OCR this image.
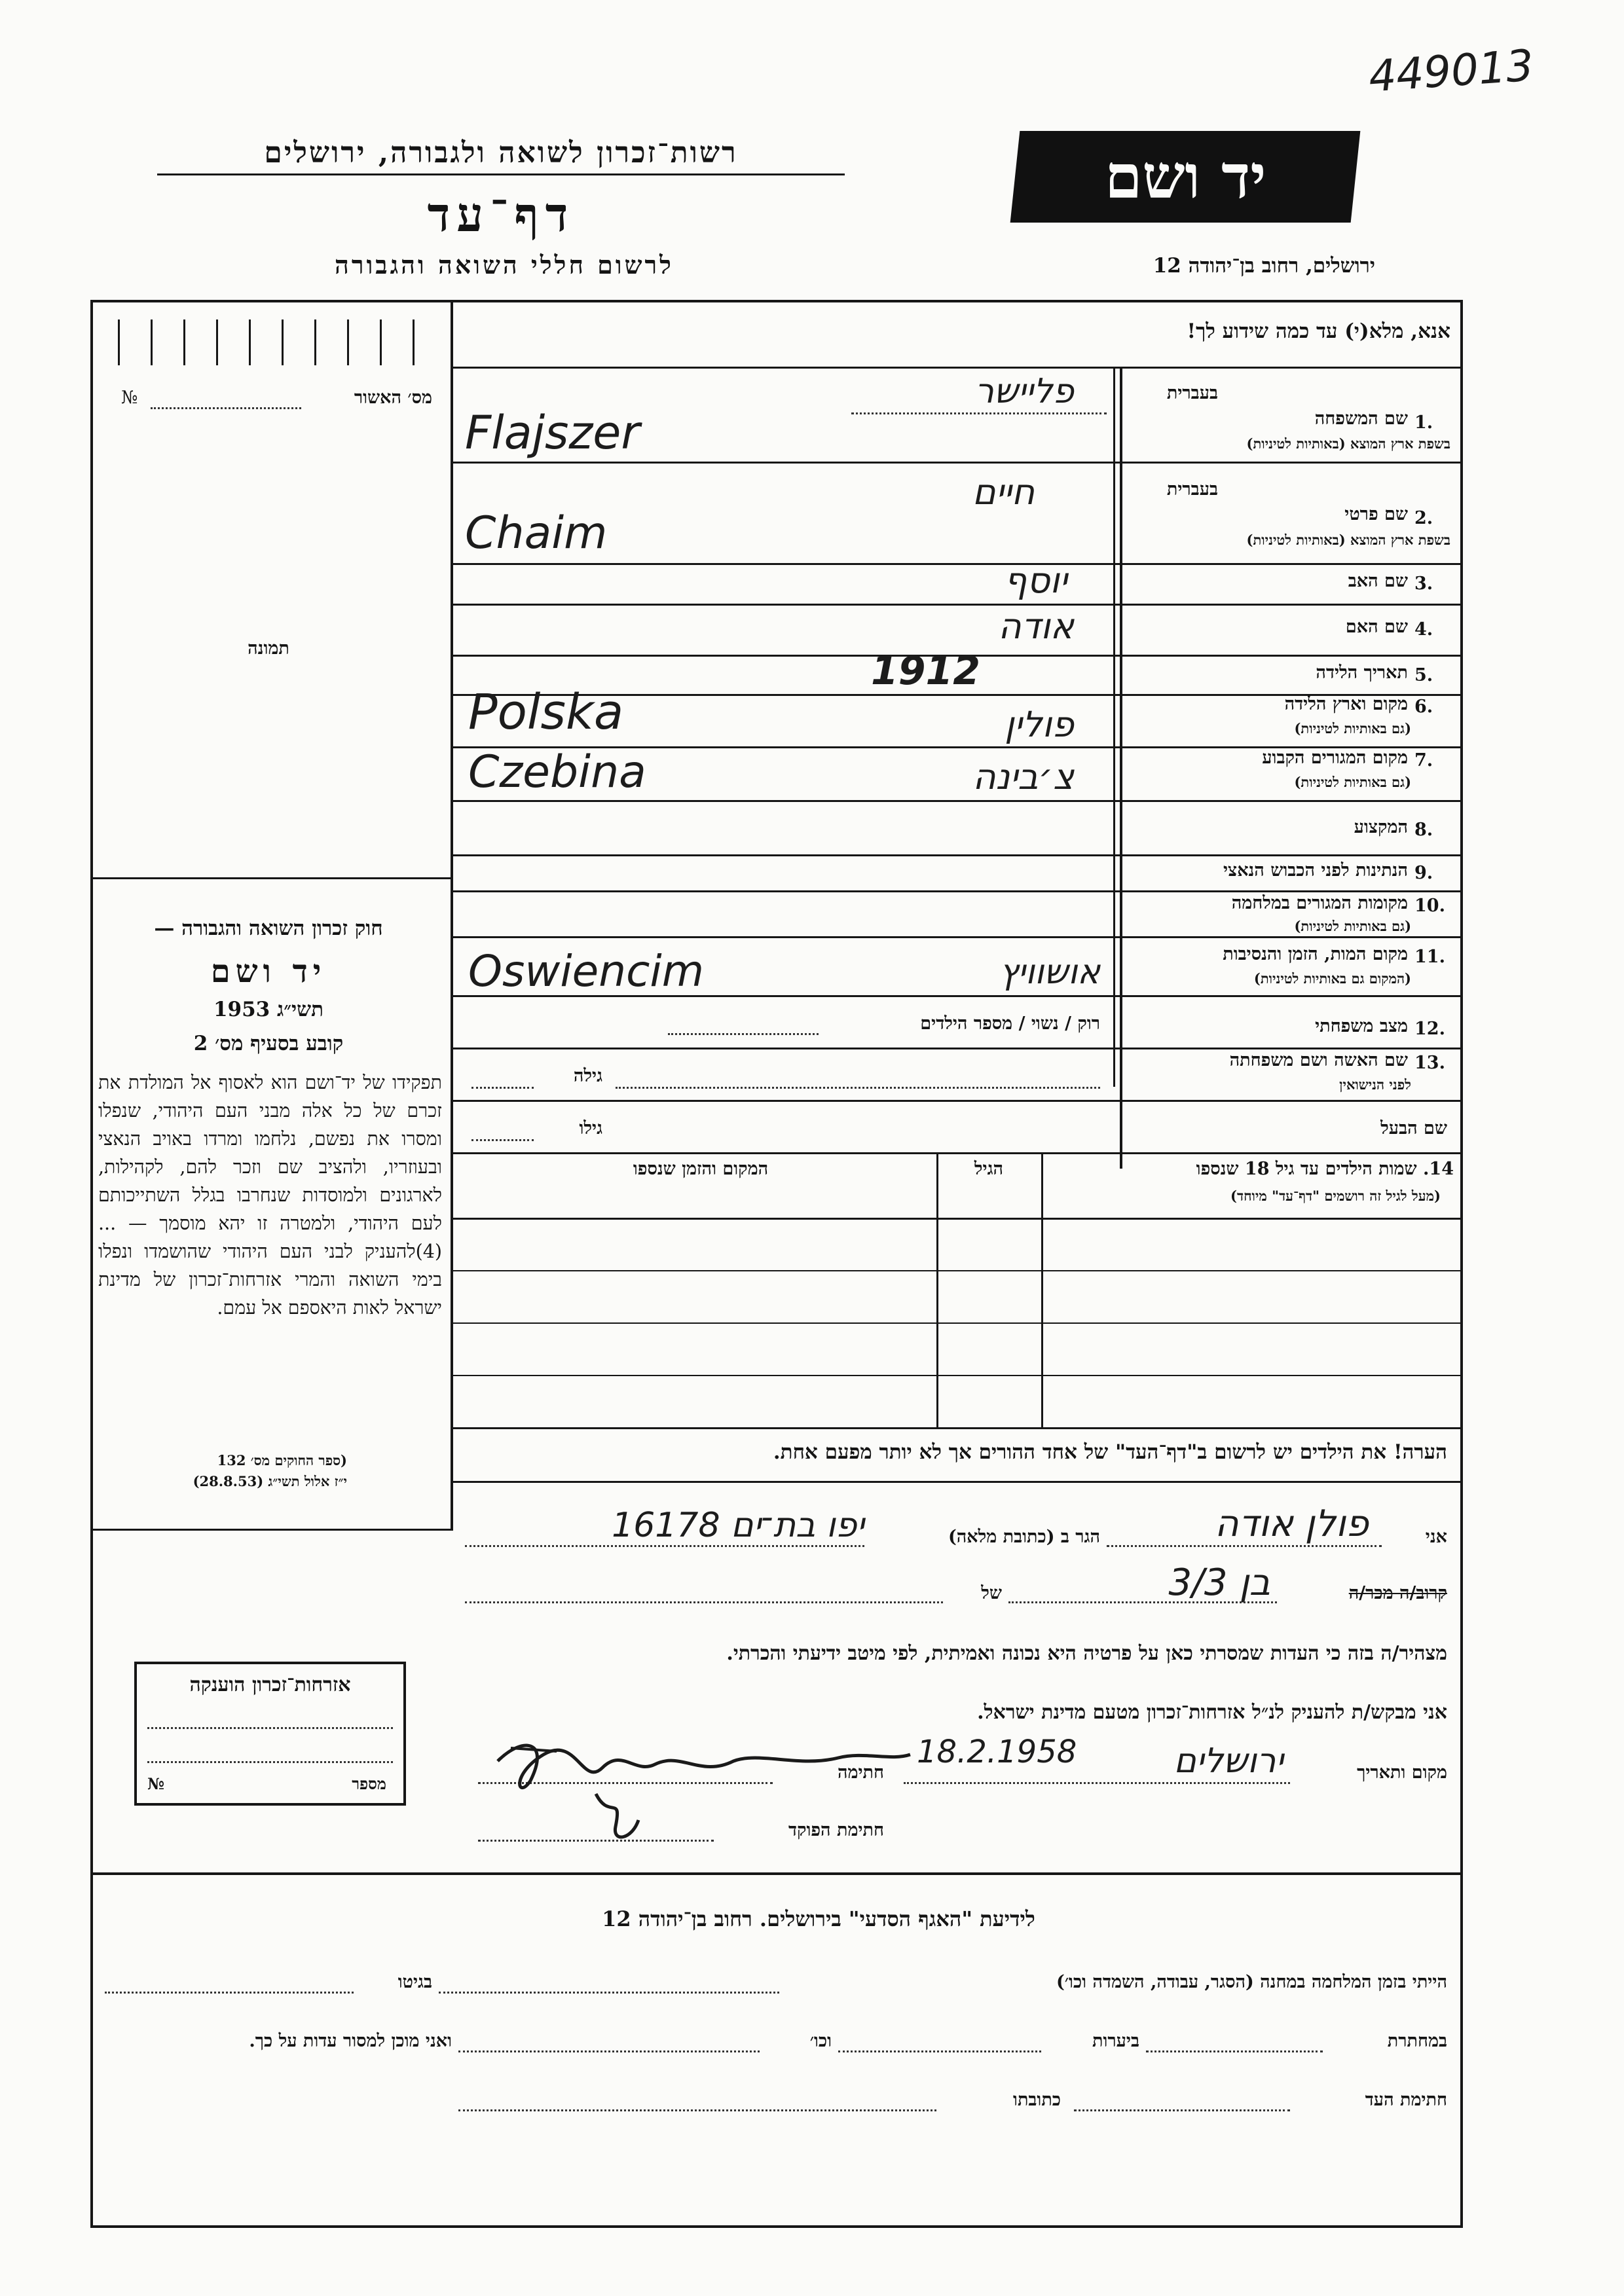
449013
יד ושם
ירושלים, רחוב בן־יהודה 12
רשות־זכרון לשואה ולגבורה, ירושלים
דף־עד
לרשום חללי השואה והגבורה
מס׳ האשור
№
תמונה
חוק זכרון השואה והגבורה —
יד ושם
תשי״ג 1953
קובע בסעיף מס׳ 2
תפקידו של יד־ושם הוא לאסוף אל המולדת את זכרם של כל אלה מבני העם היהודי, שנפלו ומסרו את נפשם, נלחמו ומרדו באויב הנאצי ובעוזריו, ולהציב שם וזכר להם, לקהילות, לארגונים ולמוסדות שנחרבו בגלל השתייכותם לעם היהודי, ולמטרה זו יהא מוסמך — ...(4)להעניק לבני העם היהודי שהושמדו ונפלו בימי השואה והמרי אזרחות־זכרון של מדינת ישראל לאות היאספם אל עמם.
(ספר החוקים מס׳ 132
י״ז אלול תשי״ג (28.8.53)
אזרחות־זכרון הוענקה
מספר
№
אנא, מלא(י) עד כמה שידוע לך!
1.
שם המשפחה
בשפת ארץ המוצא (באותיות לטיניות)
בעברית
פליישר
Flajszer
2.
שם פרטי
בשפת ארץ המוצא (באותיות לטיניות)
בעברית
חיים
Chaim
3.
שם האב
יוסף
4.
שם האם
אודה
5.
תאריך הלידה
1912
6.
מקום וארץ הלידה
(גם באותיות לטיניות)
פולין
Polska
7.
מקום המגורים הקבוע
(גם באותיות לטיניות)
צ׳בינה
Czebina
8.
המקצוע
9.
הנתינות לפני הכבוש הנאצי
10.
מקומות המגורים במלחמה
(גם באותיות לטיניות)
11.
מקום המות, הזמן והנסיבות
(המקום גם באותיות לטיניות)
אושוויץ
Oswiencim
12.
מצב משפחתי
רוק / נשוי / מספר הילדים
13.
שם האשה ושם משפחתה
לפני הנישואין
גילה
שם הבעל
גילו
14. שמות הילדים עד גיל 18 שנספו
(מעל לגיל זה רושמים "דף־עד" מיוחד)
הגיל
המקום והזמן שנספו
הערה! את הילדים יש לרשום ב"דף־העד" של אחד ההורים אך לא יותר מפעם אחת.
אני
פולן אודה
הגר ב (כתובת מלאה)
יפו בת־ים 16178
קרוב/ה מכר/ה
בן 3/3
של
מצהיר/ה בזה כי העדות שמסרתי כאן על פרטיה היא נכונה ואמיתית, לפי מיטב ידיעתי והכרתי.
אני מבקש/ת להעניק לנ״ל אזרחות־זכרון מטעם מדינת ישראל.
מקום ותאריך
ירושלים
18.2.1958
חתימה
חתימת הפוקד
לידיעת "האגף הסדעי" בירושלים. רחוב בן־יהודה 12
הייתי בזמן המלחמה במחנה (הסגר, עבודה, השמדה וכו׳)
בגיטו
במחתרת
ביערות
וכו׳
ואני מוכן למסור עדות על כך.
חתימת העד
כתובתו
